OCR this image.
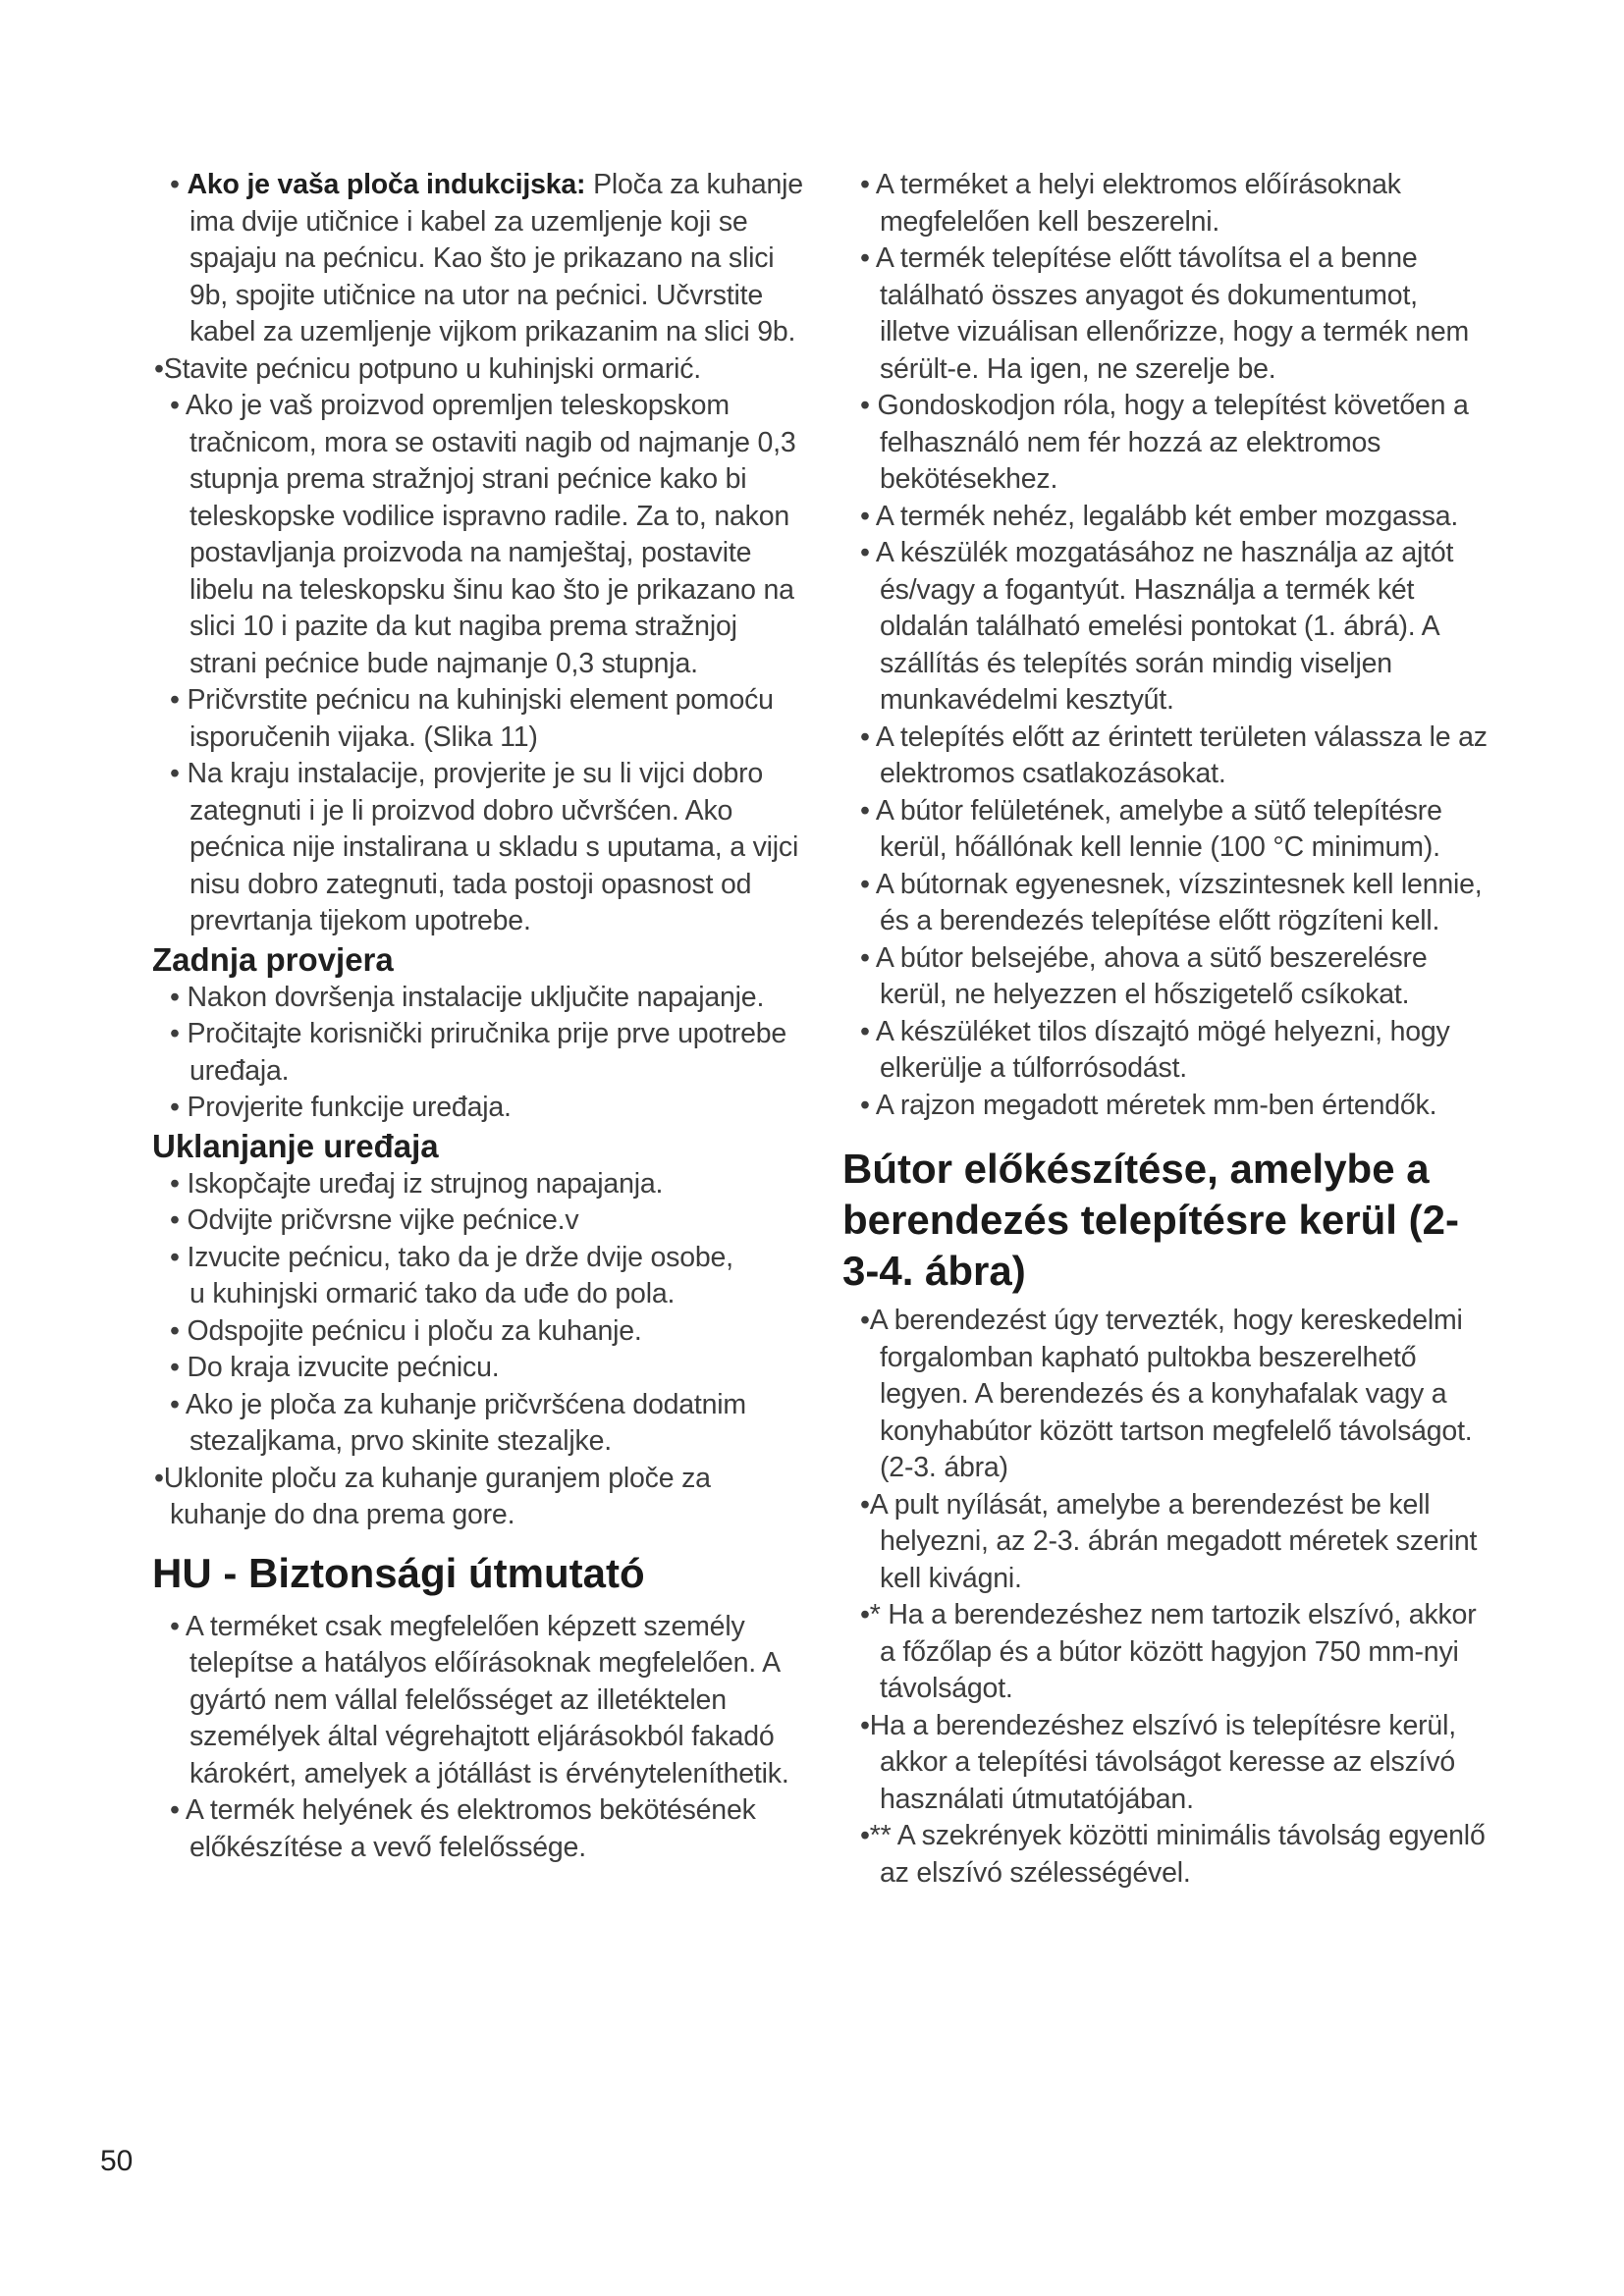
• Ako je vaša ploča indukcijska: Ploča za kuhanje ima dvije utičnice i kabel za uzemljenje koji se spajaju na pećnicu. Kao što je prikazano na slici 9b, spojite utičnice na utor na pećnici. Učvrstite kabel za uzemljenje vijkom prikazanim na slici 9b.
•Stavite pećnicu potpuno u kuhinjski ormarić.
• Ako je vaš proizvod opremljen teleskopskom tračnicom, mora se ostaviti nagib od najmanje 0,3 stupnja prema stražnjoj strani pećnice kako bi teleskopske vodilice ispravno radile. Za to, nakon postavljanja proizvoda na namještaj, postavite libelu na teleskopsku šinu kao što je prikazano na slici 10 i pazite da kut nagiba prema stražnjoj strani pećnice bude najmanje 0,3 stupnja.
• Pričvrstite pećnicu na kuhinjski element pomoću isporučenih vijaka. (Slika 11)
• Na kraju instalacije, provjerite je su li vijci dobro zategnuti i je li proizvod dobro učvršćen. Ako pećnica nije instalirana u skladu s uputama, a vijci nisu dobro zategnuti, tada postoji opasnost od prevrtanja tijekom upotrebe.
Zadnja provjera
• Nakon dovršenja instalacije uključite napajanje.
• Pročitajte korisnički priručnika prije prve upotrebe uređaja.
• Provjerite funkcije uređaja.
Uklanjanje uređaja
• Iskopčajte uređaj iz strujnog napajanja.
• Odvijte pričvrsne vijke pećnice.v
• Izvucite pećnicu, tako da je drže dvije osobe,
u kuhinjski ormarić tako da uđe do pola.
• Odspojite pećnicu i ploču za kuhanje.
• Do kraja izvucite pećnicu.
• Ako je ploča za kuhanje pričvršćena dodatnim stezaljkama, prvo skinite stezaljke.
•Uklonite ploču za kuhanje guranjem ploče za kuhanje do dna prema gore.
HU - Biztonsági útmutató
• A terméket csak megfelelően képzett személy telepítse a hatályos előírásoknak megfelelően. A gyártó nem vállal felelősséget az illetéktelen személyek által végrehajtott eljárásokból fakadó károkért, amelyek a jótállást is érvényteleníthetik.
• A termék helyének és elektromos bekötésének előkészítése a vevő felelőssége.
• A terméket a helyi elektromos előírásoknak megfelelően kell beszerelni.
• A termék telepítése előtt távolítsa el a benne található összes anyagot és dokumentumot, illetve vizuálisan ellenőrizze, hogy a termék nem sérült-e. Ha igen, ne szerelje be.
• Gondoskodjon róla, hogy a telepítést követően a felhasználó nem fér hozzá az elektromos bekötésekhez.
• A termék nehéz, legalább két ember mozgassa.
• A készülék mozgatásához ne használja az ajtót és/vagy a fogantyút. Használja a termék két oldalán található emelési pontokat (1. ábrá). A szállítás és telepítés során mindig viseljen munkavédelmi kesztyűt.
• A telepítés előtt az érintett területen válassza le az elektromos csatlakozásokat.
• A bútor felületének, amelybe a sütő telepítésre kerül, hőállónak kell lennie (100 °C minimum).
• A bútornak egyenesnek, vízszintesnek kell lennie, és a berendezés telepítése előtt rögzíteni kell.
• A bútor belsejébe, ahova a sütő beszerelésre kerül, ne helyezzen el hőszigetelő csíkokat.
• A készüléket tilos díszajtó mögé helyezni, hogy elkerülje a túlforrósodást.
• A rajzon megadott méretek mm-ben értendők.
Bútor előkészítése, amelybe a berendezés telepítésre kerül (2-3-4. ábra)
•A berendezést úgy tervezték, hogy kereskedelmi forgalomban kapható pultokba beszerelhető legyen. A berendezés és a konyhafalak vagy a konyhabútor között tartson megfelelő távolságot. (2-3. ábra)
•A pult nyílását, amelybe a berendezést be kell helyezni, az 2-3. ábrán megadott méretek szerint kell kivágni.
•* Ha a berendezéshez nem tartozik elszívó, akkor a főzőlap és a bútor között hagyjon 750 mm-nyi távolságot.
•Ha a berendezéshez elszívó is telepítésre kerül, akkor a telepítési távolságot keresse az elszívó használati útmutatójában.
•** A szekrények közötti minimális távolság egyenlő az elszívó szélességével.
50
